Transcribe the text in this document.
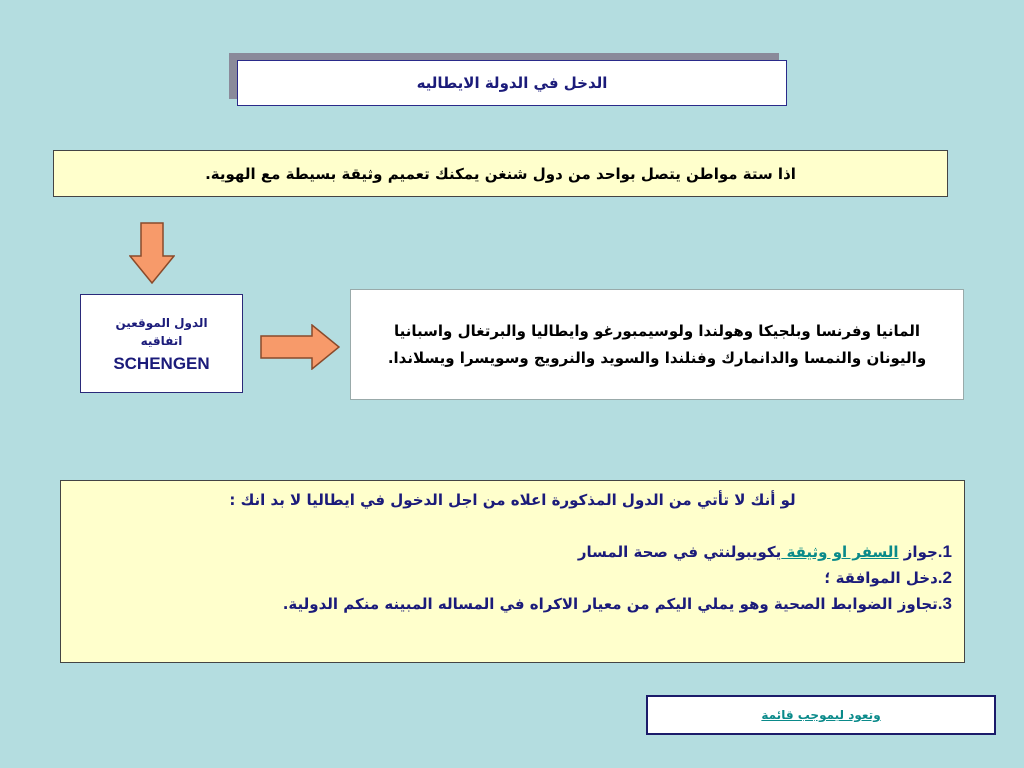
الدخل في الدولة الايطاليه
اذا ستة مواطن يتصل بواحد من دول شنغن يمكنك تعميم وثيقة بسيطة مع الهوية.
الدول الموقعين
اتفاقيه
SCHENGEN
المانيا وفرنسا وبلجيكا وهولندا ولوسيمبورغو وايطاليا والبرتغال واسبانيا واليونان والنمسا والدانمارك وفنلندا والسويد والنرويج وسويسرا ويسلاندا.
لو أنك لا تأتي من الدول المذكورة اعلاه من اجل الدخول في ايطاليا لا بد انك :
1.جواز السفر او وثيقة يكويبولنتي في صحة المسار
2.دخل الموافقة ؛
3.تجاوز الضوابط الصحية وهو يملي اليكم من معيار الاكراه في المساله المبينه منكم الدولية.
وتعود لبموجب قائمة
